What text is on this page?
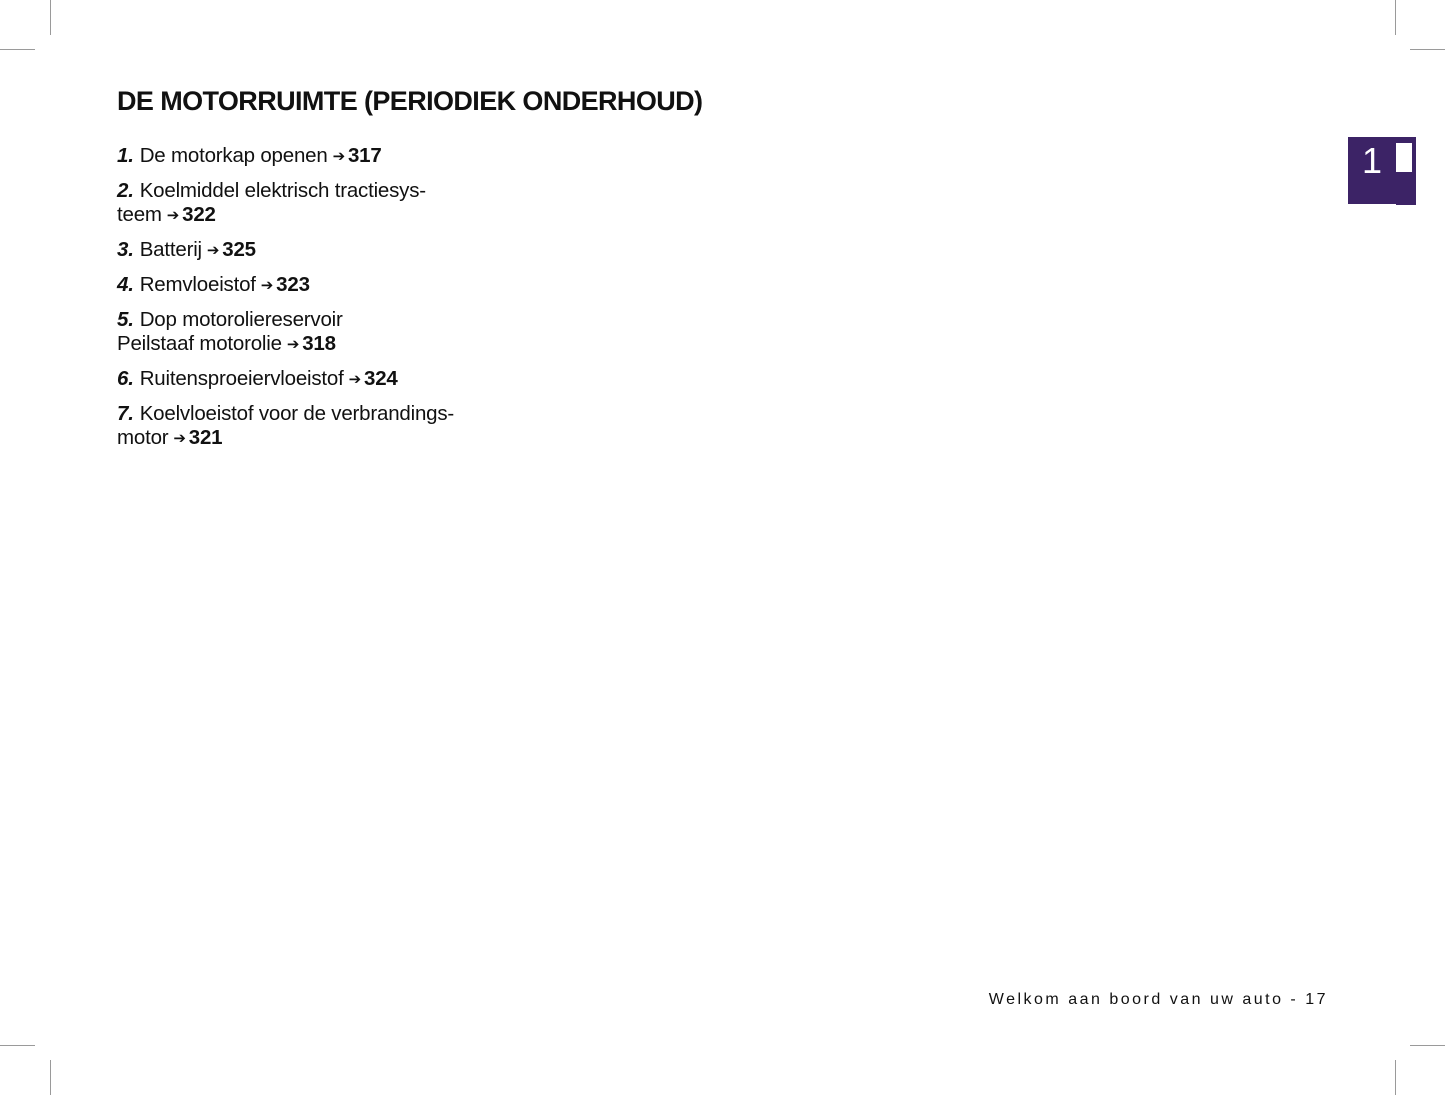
DE MOTORRUIMTE (PERIODIEK ONDERHOUD)
1. De motorkap openen ➔ 317
2. Koelmiddel elektrisch tractiesys-
teem ➔ 322
3. Batterij ➔ 325
4. Remvloeistof ➔ 323
5. Dop motoroliereservoir
Peilstaaf motorolie ➔ 318
6. Ruitensproeiervloeistof ➔ 324
7. Koelvloeistof voor de verbrandings-
motor ➔ 321
1
Welkom aan boord van uw auto - 17
